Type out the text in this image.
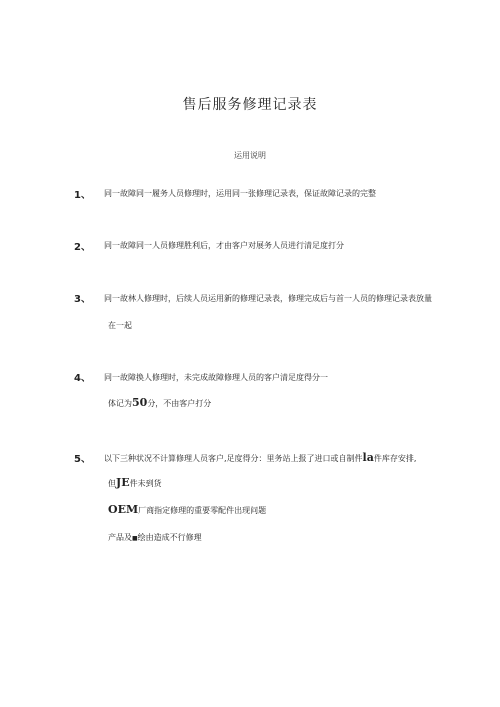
售后服务修理记录表
运用说明
1、 同一故障同一履务人员修理时，运用同一张修理记录表，保证故障记录的完整
2、 同一故障同一人员修理胜利后，才由客户对展务人员进行清足度打分
3、 同一故林人修理时，后续人员运用新的修理记录表，修理完成后与首一人员的修理记录表放量
在一起
4、 同一故障换人修理时，未完成故障修理人员的客户清足度得分一
体记为50分，不由客户打分
5、 以下三种状况不计算修理人员客户,足度得分：里务站上报了进口或自制件la件库存安排,
但JE件未到货
OEM厂商指定修理的重要零配件出现问题
产品及■绘由造成不行修理
